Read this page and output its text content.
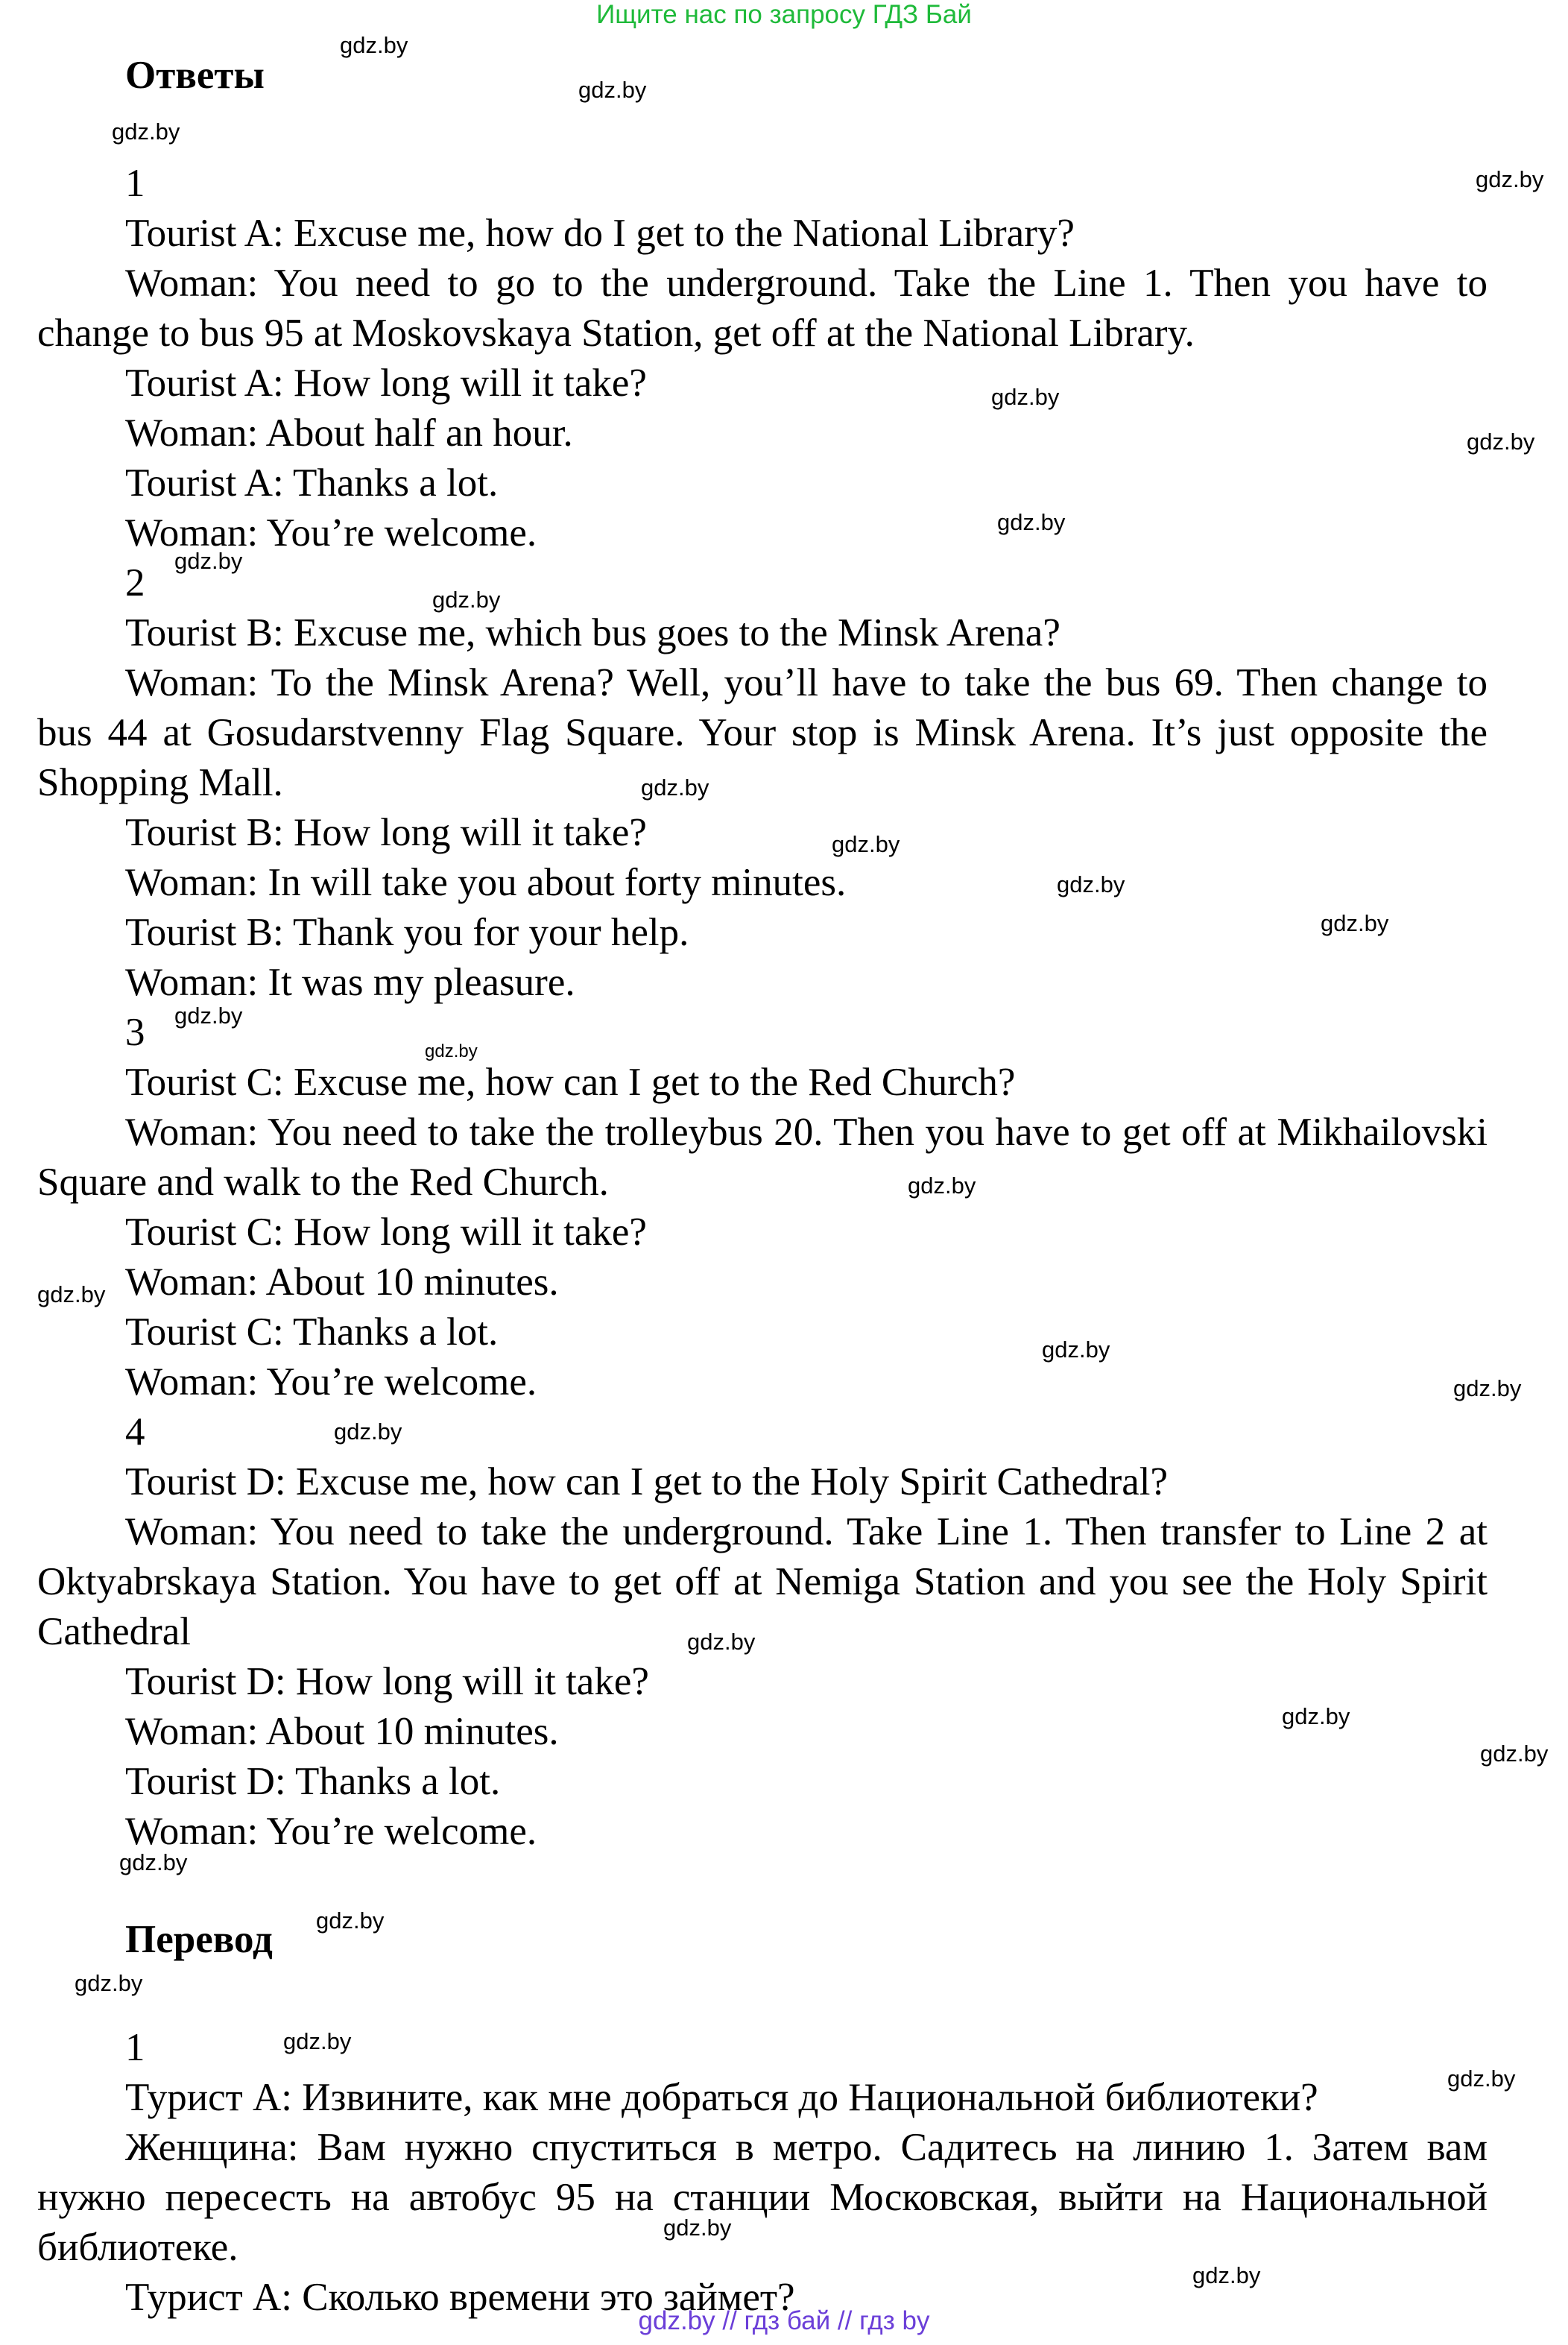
Ищите нас по запросу ГДЗ Бай
Ответы
1

Tourist A: Excuse me, how do I get to the National Library?

Woman: You need to go to the underground. Take the Line 1. Then you have to change to bus 95 at Moskovskaya Station, get off at the National Library.

Tourist A: How long will it take?

Woman: About half an hour.

Tourist A: Thanks a lot.

Woman: You’re welcome.

2

Tourist B: Excuse me, which bus goes to the Minsk Arena?

Woman: To the Minsk Arena? Well, you’ll have to take the bus 69. Then change to bus 44 at Gosudarstvenny Flag Square. Your stop is Minsk Arena. It’s just opposite the Shopping Mall.

Tourist B: How long will it take?

Woman: In will take you about forty minutes.

Tourist B: Thank you for your help.

Woman: It was my pleasure.

3

Tourist C: Excuse me, how can I get to the Red Church?

Woman: You need to take the trolleybus 20. Then you have to get off at Mikhailovski Square and walk to the Red Church.

Tourist C: How long will it take?

Woman: About 10 minutes.

Tourist C: Thanks a lot.

Woman: You’re welcome.

4

Tourist D: Excuse me, how can I get to the Holy Spirit Cathedral?

Woman: You need to take the underground. Take Line 1. Then transfer to Line 2 at Oktyabrskaya Station. You have to get off at Nemiga Station and you see the Holy Spirit Cathedral

Tourist D: How long will it take?

Woman: About 10 minutes.

Tourist D: Thanks a lot.

Woman: You’re welcome.

Перевод
1

Турист А: Извините, как мне добраться до Национальной библиотеки?

Женщина: Вам нужно спуститься в метро. Садитесь на линию 1. Затем вам нужно пересесть на автобус 95 на станции Московская, выйти на Национальной библиотеке.

Турист А: Сколько времени это займет?

gdz.by
gdz.by
gdz.by
gdz.by
gdz.by
gdz.by
gdz.by
gdz.by
gdz.by
gdz.by
gdz.by
gdz.by
gdz.by
gdz.by
gdz.by
gdz.by
gdz.by
gdz.by
gdz.by
gdz.by
gdz.by
gdz.by
gdz.by
gdz.by
gdz.by
gdz.by
gdz.by
gdz.by
gdz.by
gdz.by
gdz.by // гдз бай // гдз by
